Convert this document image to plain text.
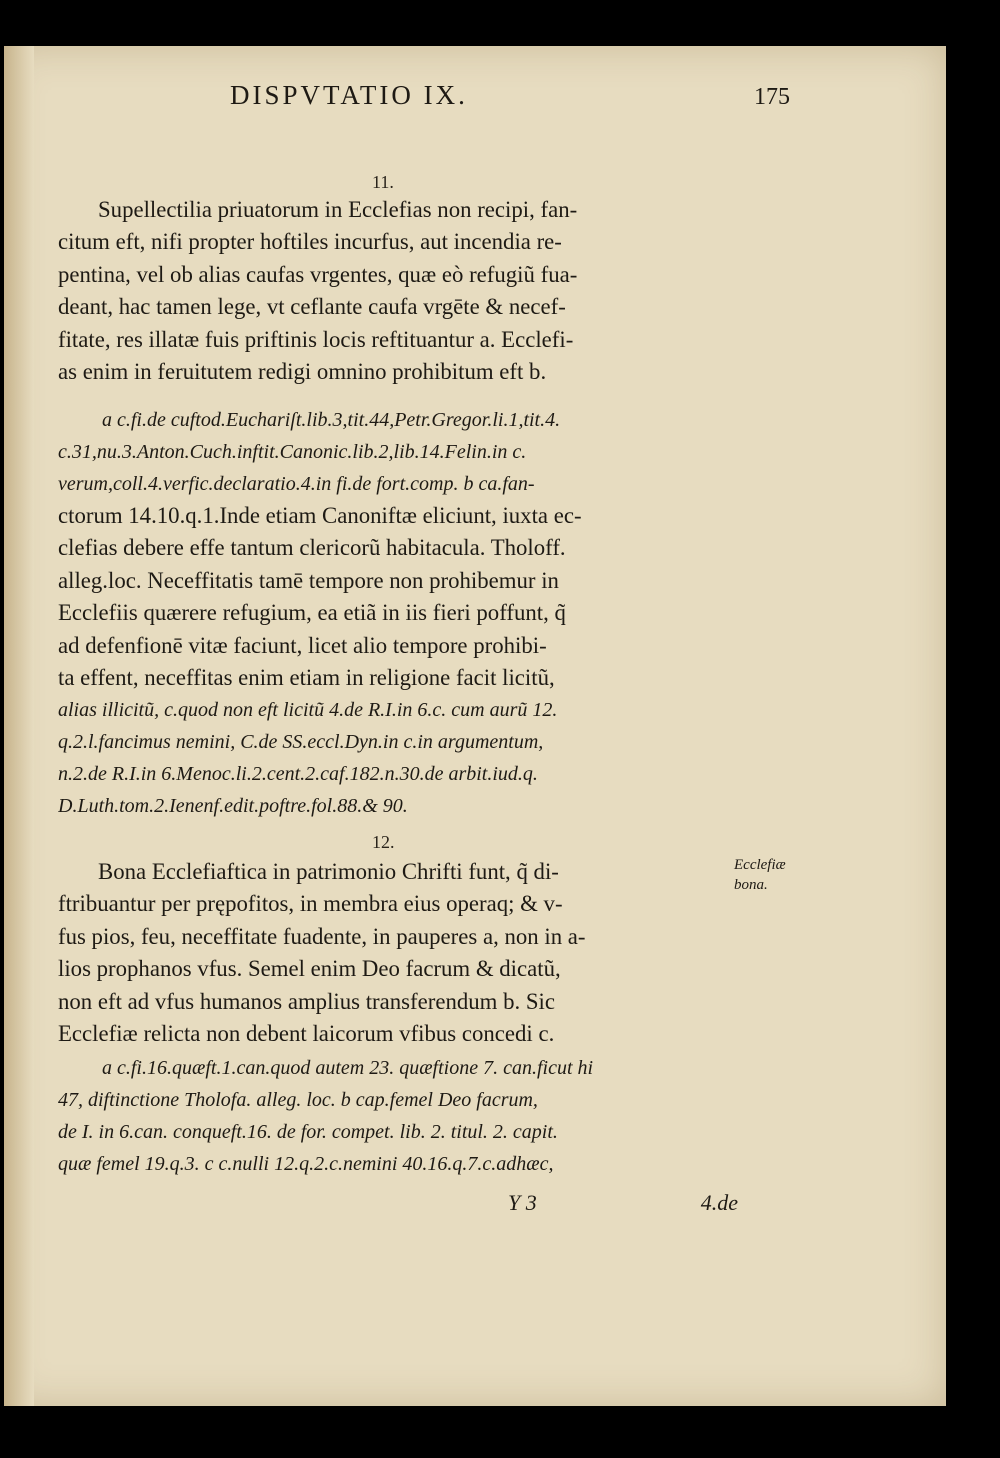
DISPVTATIO IX.	175
11.
Supellectilia priuatorum in Ecclefias non recipi, fan-
citum eft, nifi propter hoftiles incurfus, aut incendia re-
pentina, vel ob alias caufas vrgentes, quæ eò refugiũ fua-
deant, hac tamen lege, vt ceflante caufa vrgēte & necef-
fitate, res illatæ fuis priftinis locis reftituantur a. Ecclefi-
as enim in feruitutem redigi omnino prohibitum eft b.
a c.fi.de cuftod.Euchariſt.lib.3,tit.44,Petr.Gregor.li.1,tit.4.
c.31,nu.3.Anton.Cuch.inftit.Canonic.lib.2,lib.14.Felin.in c.
verum,coll.4.verfic.declaratio.4.in fi.de fort.comp. b ca.fan-
ctorum 14.10.q.1.Inde etiam Canoniftæ eliciunt, iuxta ec-
clefias debere effe tantum clericorũ habitacula. Tholoff.
alleg.loc. Neceffitatis tamē tempore non prohibemur in
Ecclefiis quærere refugium, ea etiã in iis fieri poffunt, q̃
ad defenfionē vitæ faciunt, licet alio tempore prohibi-
ta effent, neceffitas enim etiam in religione facit licitũ,
alias illicitũ, c.quod non eft licitũ 4.de R.I.in 6.c. cum aurũ 12.
q.2.l.fancimus nemini, C.de SS.eccl.Dyn.in c.in argumentum,
n.2.de R.I.in 6.Menoc.li.2.cent.2.caf.182.n.30.de arbit.iud.q.
D.Luth.tom.2.Ienenf.edit.poftre.fol.88.& 90.
12.
Bona Ecclefiaftica in patrimonio Chrifti funt, q̃ di-
ftribuantur per prępofitos, in membra eius operaq; & v-
fus pios, feu, neceffitate fuadente, in pauperes a, non in a-
lios prophanos vfus. Semel enim Deo facrum & dicatũ,
non eft ad vfus humanos amplius transferendum b. Sic
Ecclefiæ relicta non debent laicorum vfibus concedi c.
Ecclefiæ
bona.
a c.fi.16.quæft.1.can.quod autem 23. quæftione 7. can.ficut hi
47, diftinctione Tholofa. alleg. loc. b cap.femel Deo facrum,
de I. in 6.can. conqueft.16. de for. compet. lib. 2. titul. 2. capit.
quæ femel 19.q.3. c c.nulli 12.q.2.c.nemini 40.16.q.7.c.adhæc,
Υ 3	4.de
